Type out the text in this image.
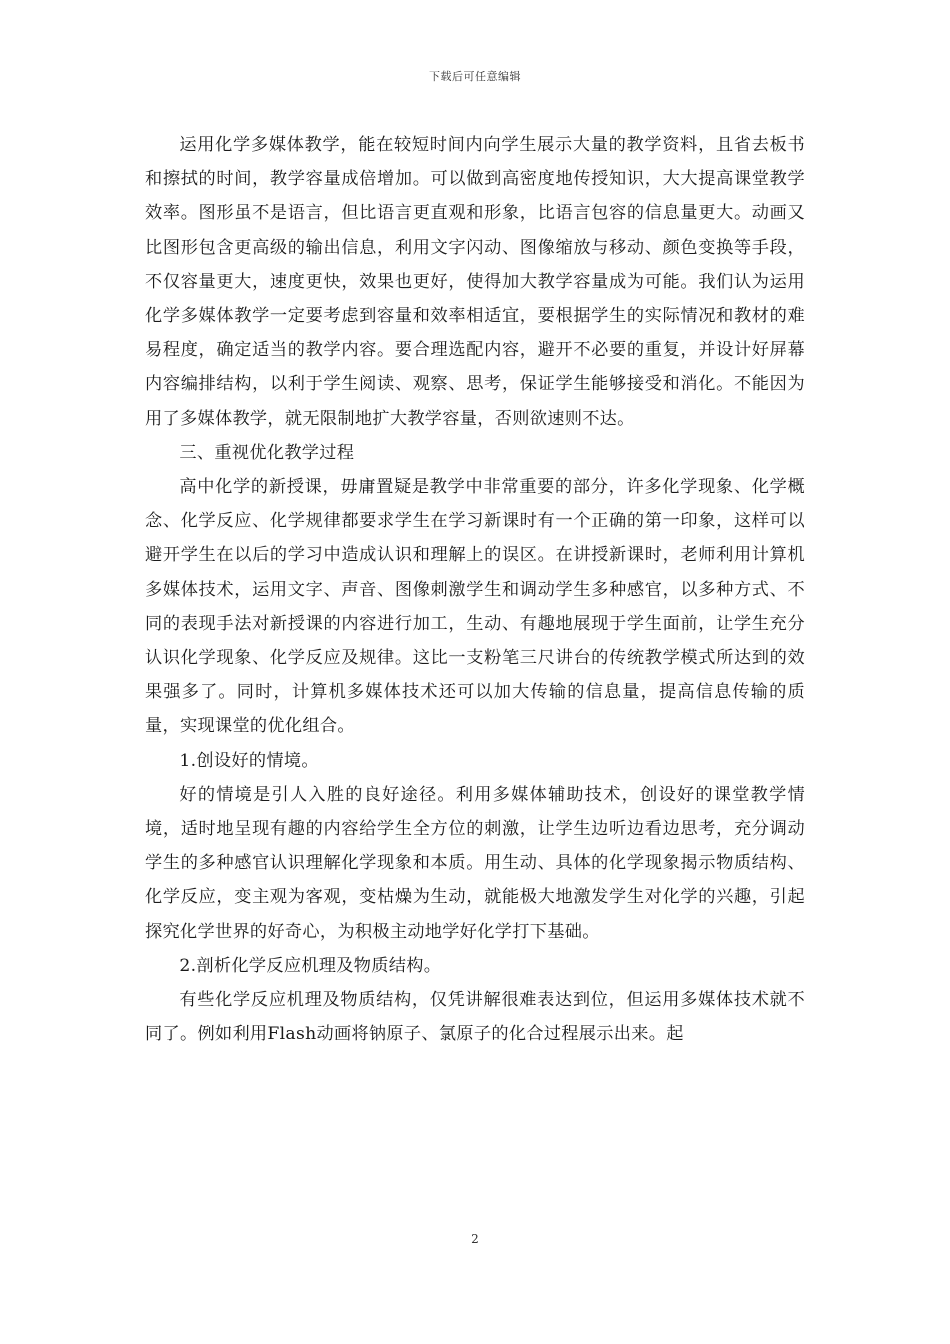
下载后可任意编辑

运用化学多媒体教学，能在较短时间内向学生展示大量的教学资料，且省去板书和擦拭的时间，教学容量成倍增加。可以做到高密度地传授知识，大大提高课堂教学效率。图形虽不是语言，但比语言更直观和形象，比语言包容的信息量更大。动画又比图形包含更高级的输出信息，利用文字闪动、图像缩放与移动、颜色变换等手段，不仅容量更大，速度更快，效果也更好，使得加大教学容量成为可能。我们认为运用化学多媒体教学一定要考虑到容量和效率相适宜，要根据学生的实际情况和教材的难易程度，确定适当的教学内容。要合理选配内容，避开不必要的重复，并设计好屏幕内容编排结构，以利于学生阅读、观察、思考，保证学生能够接受和消化。不能因为用了多媒体教学，就无限制地扩大教学容量，否则欲速则不达。

三、重视优化教学过程

高中化学的新授课，毋庸置疑是教学中非常重要的部分，许多化学现象、化学概念、化学反应、化学规律都要求学生在学习新课时有一个正确的第一印象，这样可以避开学生在以后的学习中造成认识和理解上的误区。在讲授新课时，老师利用计算机多媒体技术，运用文字、声音、图像刺激学生和调动学生多种感官，以多种方式、不同的表现手法对新授课的内容进行加工，生动、有趣地展现于学生面前，让学生充分认识化学现象、化学反应及规律。这比一支粉笔三尺讲台的传统教学模式所达到的效果强多了。同时，计算机多媒体技术还可以加大传输的信息量，提高信息传输的质量，实现课堂的优化组合。

1.创设好的情境。

好的情境是引人入胜的良好途径。利用多媒体辅助技术，创设好的课堂教学情境，适时地呈现有趣的内容给学生全方位的刺激，让学生边听边看边思考，充分调动学生的多种感官认识理解化学现象和本质。用生动、具体的化学现象揭示物质结构、化学反应，变主观为客观，变枯燥为生动，就能极大地激发学生对化学的兴趣，引起探究化学世界的好奇心，为积极主动地学好化学打下基础。

2.剖析化学反应机理及物质结构。

有些化学反应机理及物质结构，仅凭讲解很难表达到位，但运用多媒体技术就不同了。例如利用Flash动画将钠原子、氯原子的化合过程展示出来。起

2
